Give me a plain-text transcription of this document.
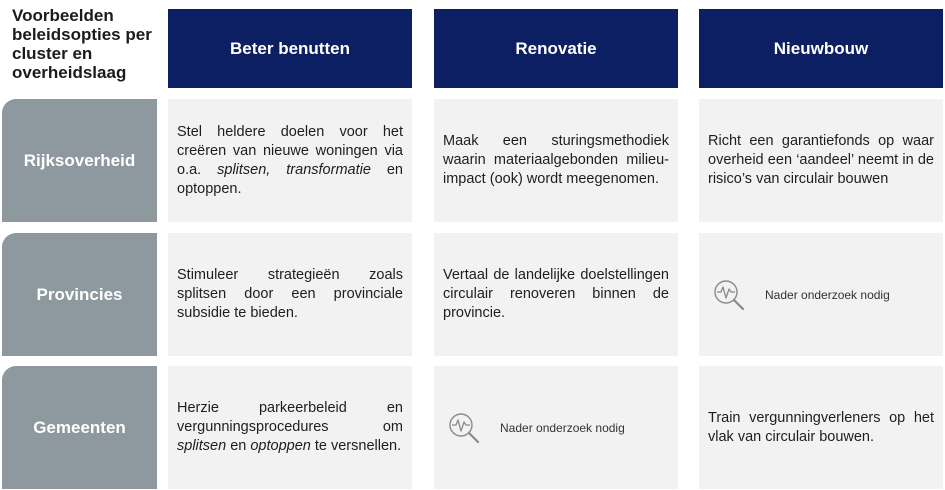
Voorbeelden beleidsopties per cluster en overheidslaag
Beter benutten	Renovatie	Nieuwbouw
Rijksoverheid
Provincies
Gemeenten

Stel heldere doelen voor het creëren van nieuwe woningen via o.a. splitsen, transformatie en optoppen.

Maak een sturingsmethodiek waarin materiaalgebonden milieu-impact (ook) wordt meegenomen.

Richt een garantiefonds op waar overheid een ‘aandeel’ neemt in de risico’s van circulair bouwen

Stimuleer strategieën zoals splitsen door een provinciale subsidie te bieden.

Vertaal de landelijke doelstellingen circulair renoveren binnen de provincie.

Nader onderzoek nodig

Herzie parkeerbeleid en vergunningsprocedures om splitsen en optoppen te versnellen.

Nader onderzoek nodig

Train vergunningverleners op het vlak van circulair bouwen.
